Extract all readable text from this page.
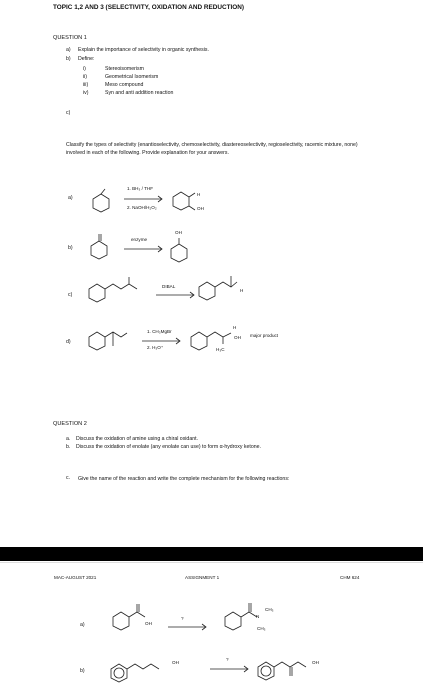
TOPIC 1,2 AND 3 (SELECTIVITY, OXIDATION AND REDUCTION)
QUESTION 1
a) Explain the importance of selectivity in organic synthesis.
b) Define:
i)	Stereoisomerism
ii)	Geometrical Isomerism
iii)	Meso compound
iv)	Syn and anti addition reaction
c)
Classify the types of selectivity (enantioselectivity, chemoselectivity, diastereoselectivity, regioselectivity, racemic mixture, none) involved in each of the following. Provide explanation for your answers.
a)
1. BH₃ / THF
2. NaOH/H₂O₂
H
OH
b)
enzyme
OH
c)
DIBAL
H
d)
1. CH₃MgBr
2. H₃O⁺
H
OH
H₃C
major product
QUESTION 2
a. Discuss the oxidation of amine using a chiral oxidant.
b. Discuss the oxidation of enolate (any enolate can use) to form α-hydroxy ketone.
c. Give the name of the reaction and write the complete mechanism for the following reactions:
MAC-AUGUST 2021	ASSIGNMENT 1	CHM 624
a)	OH
?	N
CH₃
CH₃
b)
OH
?
OH
